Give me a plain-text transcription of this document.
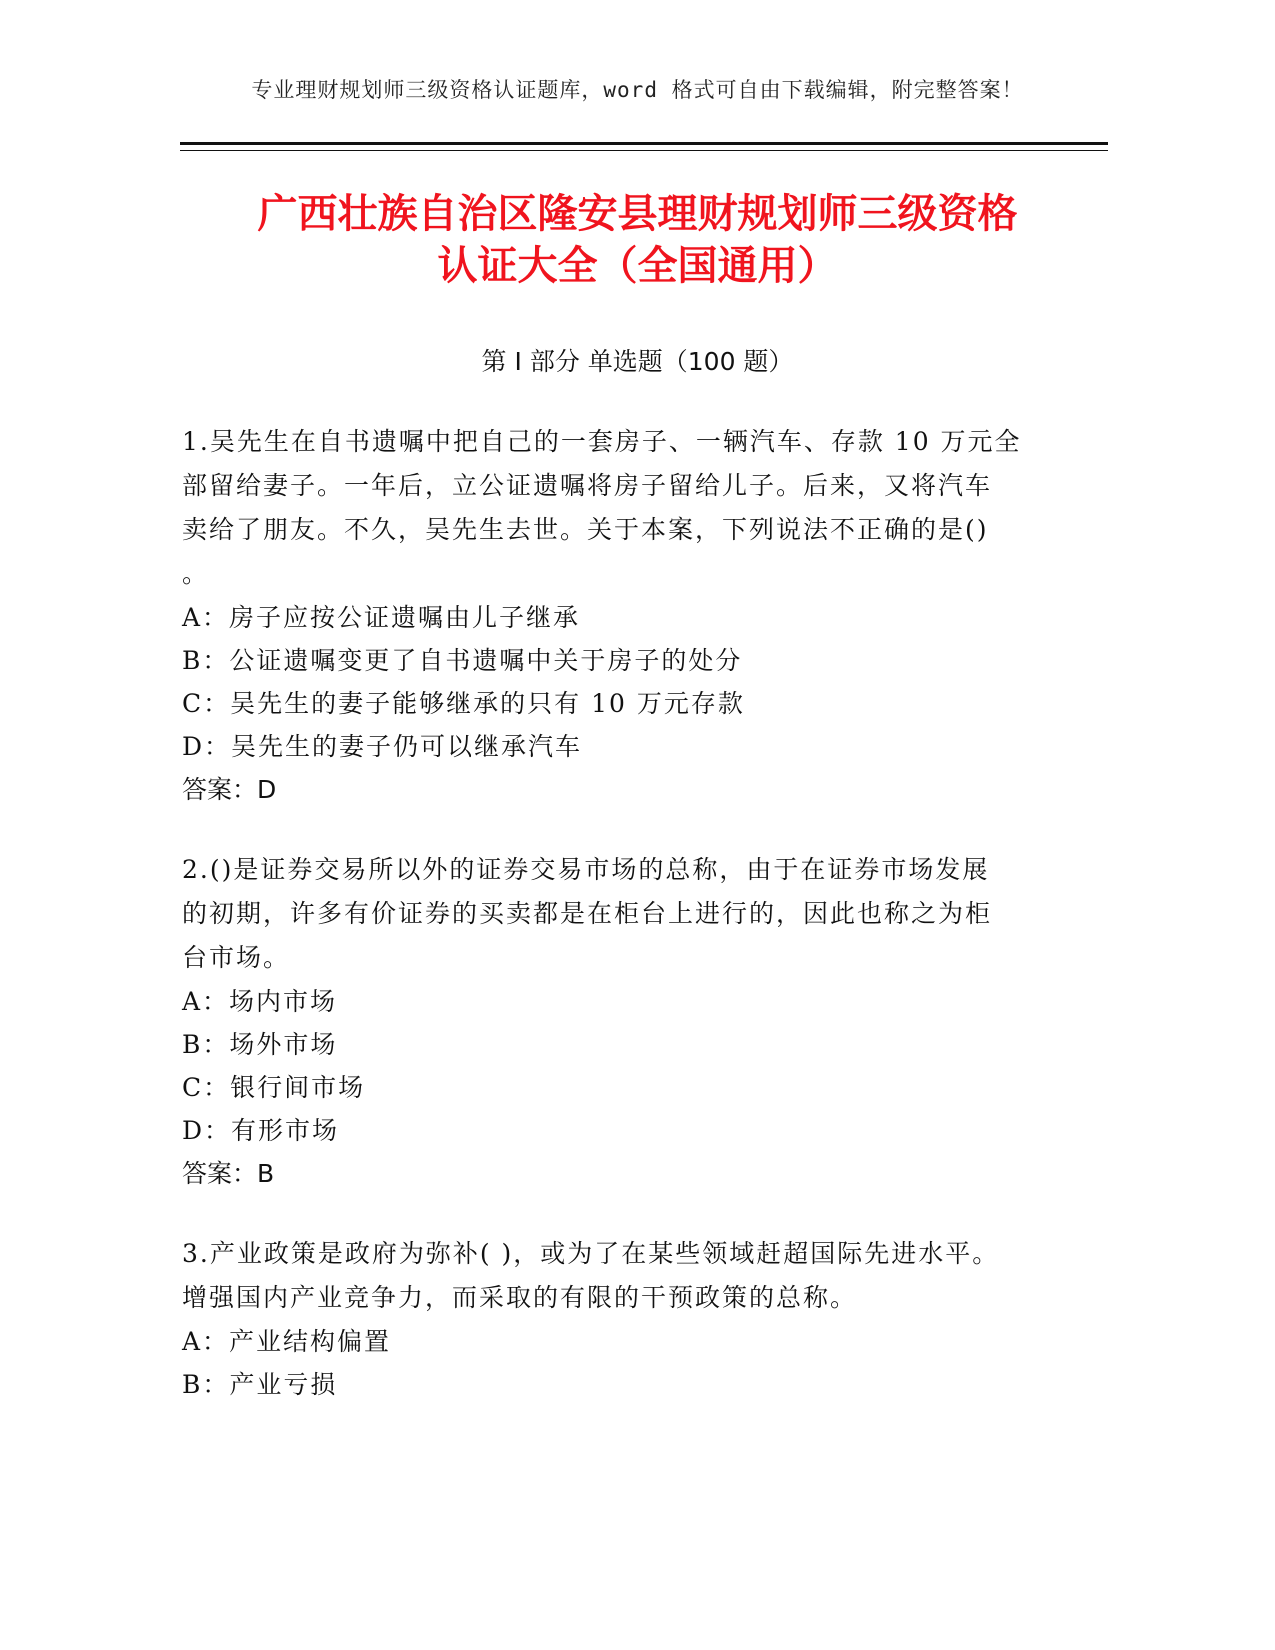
专业理财规划师三级资格认证题库，word 格式可自由下载编辑，附完整答案！
广西壮族自治区隆安县理财规划师三级资格
认证大全（全国通用）
第 I 部分 单选题（100 题）
1.吴先生在自书遗嘱中把自己的一套房子、一辆汽车、存款 10 万元全
部留给妻子。一年后，立公证遗嘱将房子留给儿子。后来，又将汽车
卖给了朋友。不久，吴先生去世。关于本案，下列说法不正确的是()
。
A：房子应按公证遗嘱由儿子继承
B：公证遗嘱变更了自书遗嘱中关于房子的处分
C：吴先生的妻子能够继承的只有 10 万元存款
D：吴先生的妻子仍可以继承汽车
答案：D
2.()是证券交易所以外的证券交易市场的总称，由于在证券市场发展
的初期，许多有价证券的买卖都是在柜台上进行的，因此也称之为柜
台市场。
A：场内市场
B：场外市场
C：银行间市场
D：有形市场
答案：B
3.产业政策是政府为弥补( )，或为了在某些领域赶超国际先进水平。
增强国内产业竞争力，而采取的有限的干预政策的总称。
A：产业结构偏置
B：产业亏损
